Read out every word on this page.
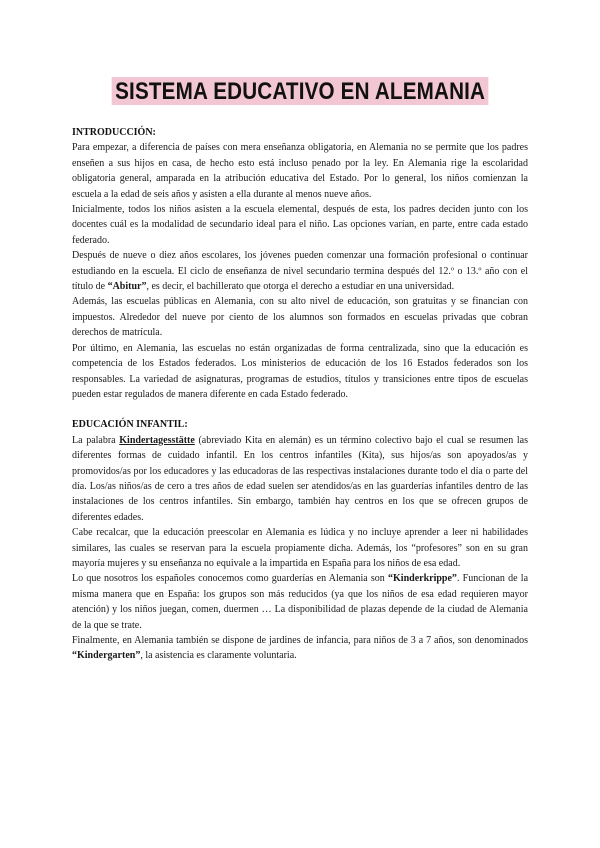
SISTEMA EDUCATIVO EN ALEMANIA

INTRODUCCIÓN:

Para empezar, a diferencia de países con mera enseñanza obligatoria, en Alemania no se permite que los padres enseñen a sus hijos en casa, de hecho esto está incluso penado por la ley. En Alemania rige la escolaridad obligatoria general, amparada en la atribución educativa del Estado. Por lo general, los niños comienzan la escuela a la edad de seis años y asisten a ella durante al menos nueve años.

Inicialmente, todos los niños asisten a la escuela elemental, después de esta, los padres deciden junto con los docentes cuál es la modalidad de secundario ideal para el niño. Las opciones varían, en parte, entre cada estado federado.

Después de nueve o diez años escolares, los jóvenes pueden comenzar una formación profesional o continuar estudiando en la escuela. El ciclo de enseñanza de nivel secundario termina después del 12.º o 13.º año con el título de “Abitur”, es decir, el bachillerato que otorga el derecho a estudiar en una universidad.

Además, las escuelas públicas en Alemania, con su alto nivel de educación, son gratuitas y se financian con impuestos. Alrededor del nueve por ciento de los alumnos son formados en escuelas privadas que cobran derechos de matrícula.

Por último, en Alemania, las escuelas no están organizadas de forma centralizada, sino que la educación es competencia de los Estados federados. Los ministerios de educación de los 16 Estados federados son los responsables. La variedad de asignaturas, programas de estudios, títulos y transiciones entre tipos de escuelas pueden estar regulados de manera diferente en cada Estado federado.

EDUCACIÓN INFANTIL:

La palabra Kindertagesstätte (abreviado Kita en alemán) es un término colectivo bajo el cual se resumen las diferentes formas de cuidado infantil. En los centros infantiles (Kita), sus hijos/as son apoyados/as y promovidos/as por los educadores y las educadoras de las respectivas instalaciones durante todo el día o parte del día. Los/as niños/as de cero a tres años de edad suelen ser atendidos/as en las guarderías infantiles dentro de las instalaciones de los centros infantiles. Sin embargo, también hay centros en los que se ofrecen grupos de diferentes edades.

Cabe recalcar, que la educación preescolar en Alemania es lúdica y no incluye aprender a leer ni habilidades similares, las cuales se reservan para la escuela propiamente dicha. Además, los “profesores” son en su gran mayoría mujeres y su enseñanza no equivale a la impartida en España para los niños de esa edad.

Lo que nosotros los españoles conocemos como guarderías en Alemania son “Kinderkrippe”. Funcionan de la misma manera que en España: los grupos son más reducidos (ya que los niños de esa edad requieren mayor atención) y los niños juegan, comen, duermen … La disponibilidad de plazas depende de la ciudad de Alemania de la que se trate.

Finalmente, en Alemania también se dispone de jardines de infancia, para niños de 3 a 7 años, son denominados “Kindergarten”, la asistencia es claramente voluntaria.
